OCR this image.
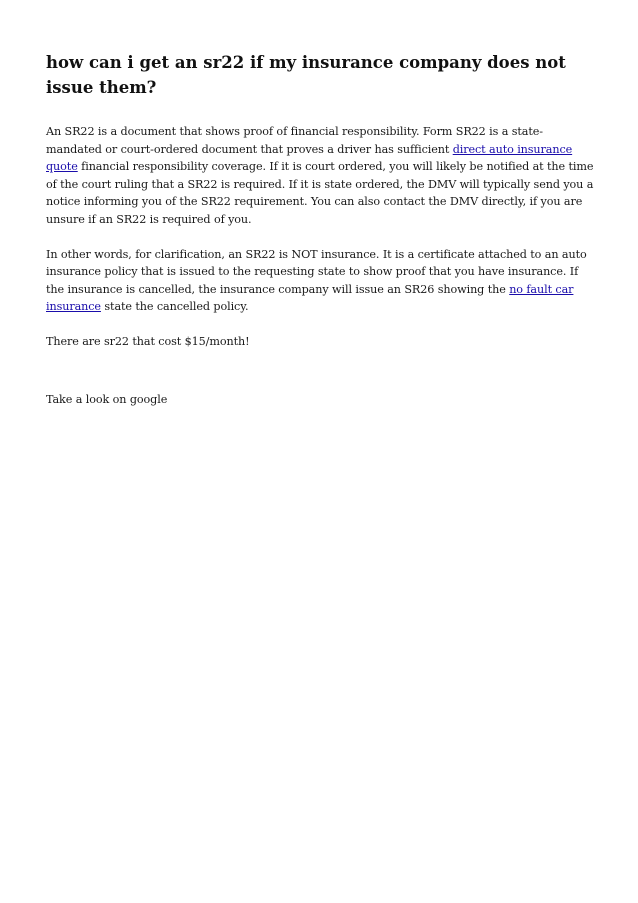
how can i get an sr22 if my insurance company does not issue them?

An SR22 is a document that shows proof of financial responsibility. Form SR22 is a state-mandated or court-ordered document that proves a driver has sufficient direct auto insurance quote financial responsibility coverage. If it is court ordered, you will likely be notified at the time of the court ruling that a SR22 is required. If it is state ordered, the DMV will typically send you a notice informing you of the SR22 requirement. You can also contact the DMV directly, if you are unsure if an SR22 is required of you.

In other words, for clarification, an SR22 is NOT insurance. It is a certificate attached to an auto insurance policy that is issued to the requesting state to show proof that you have insurance. If the insurance is cancelled, the insurance company will issue an SR26 showing the no fault car insurance state the cancelled policy.

There are sr22 that cost $15/month!

Take a look on google
